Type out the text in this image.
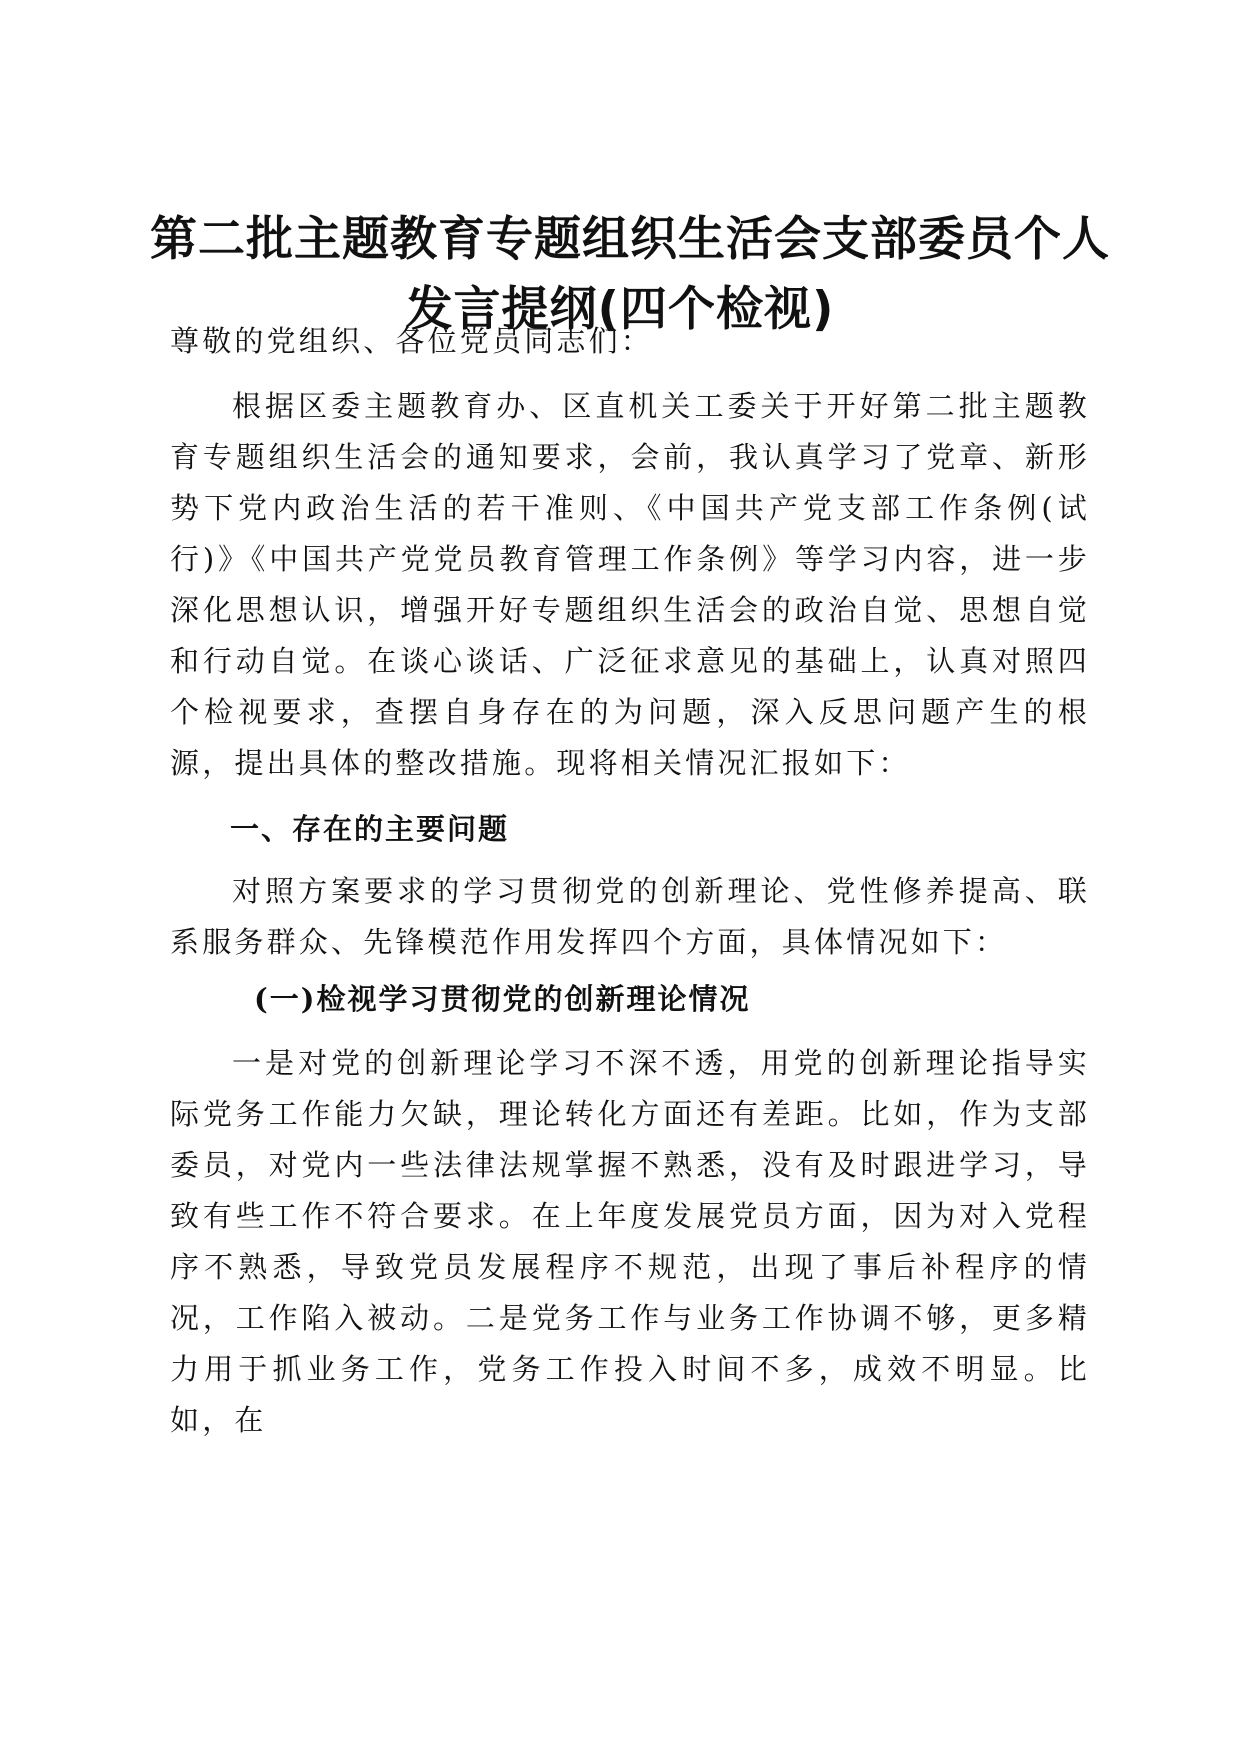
第二批主题教育专题组织生活会支部委员个人
发言提纲(四个检视)

尊敬的党组织、各位党员同志们：

根据区委主题教育办、区直机关工委关于开好第二批主题教育专题组织生活会的通知要求，会前，我认真学习了党章、新形势下党内政治生活的若干准则、《中国共产党支部工作条例(试行)》《中国共产党党员教育管理工作条例》等学习内容，进一步深化思想认识，增强开好专题组织生活会的政治自觉、思想自觉和行动自觉。在谈心谈话、广泛征求意见的基础上，认真对照四个检视要求，查摆自身存在的为问题，深入反思问题产生的根源，提出具体的整改措施。现将相关情况汇报如下：

一、存在的主要问题

对照方案要求的学习贯彻党的创新理论、党性修养提高、联系服务群众、先锋模范作用发挥四个方面，具体情况如下：

(一)检视学习贯彻党的创新理论情况

一是对党的创新理论学习不深不透，用党的创新理论指导实际党务工作能力欠缺，理论转化方面还有差距。比如，作为支部委员，对党内一些法律法规掌握不熟悉，没有及时跟进学习，导致有些工作不符合要求。在上年度发展党员方面，因为对入党程序不熟悉，导致党员发展程序不规范，出现了事后补程序的情况，工作陷入被动。二是党务工作与业务工作协调不够，更多精力用于抓业务工作，党务工作投入时间不多，成效不明显。比如，在
